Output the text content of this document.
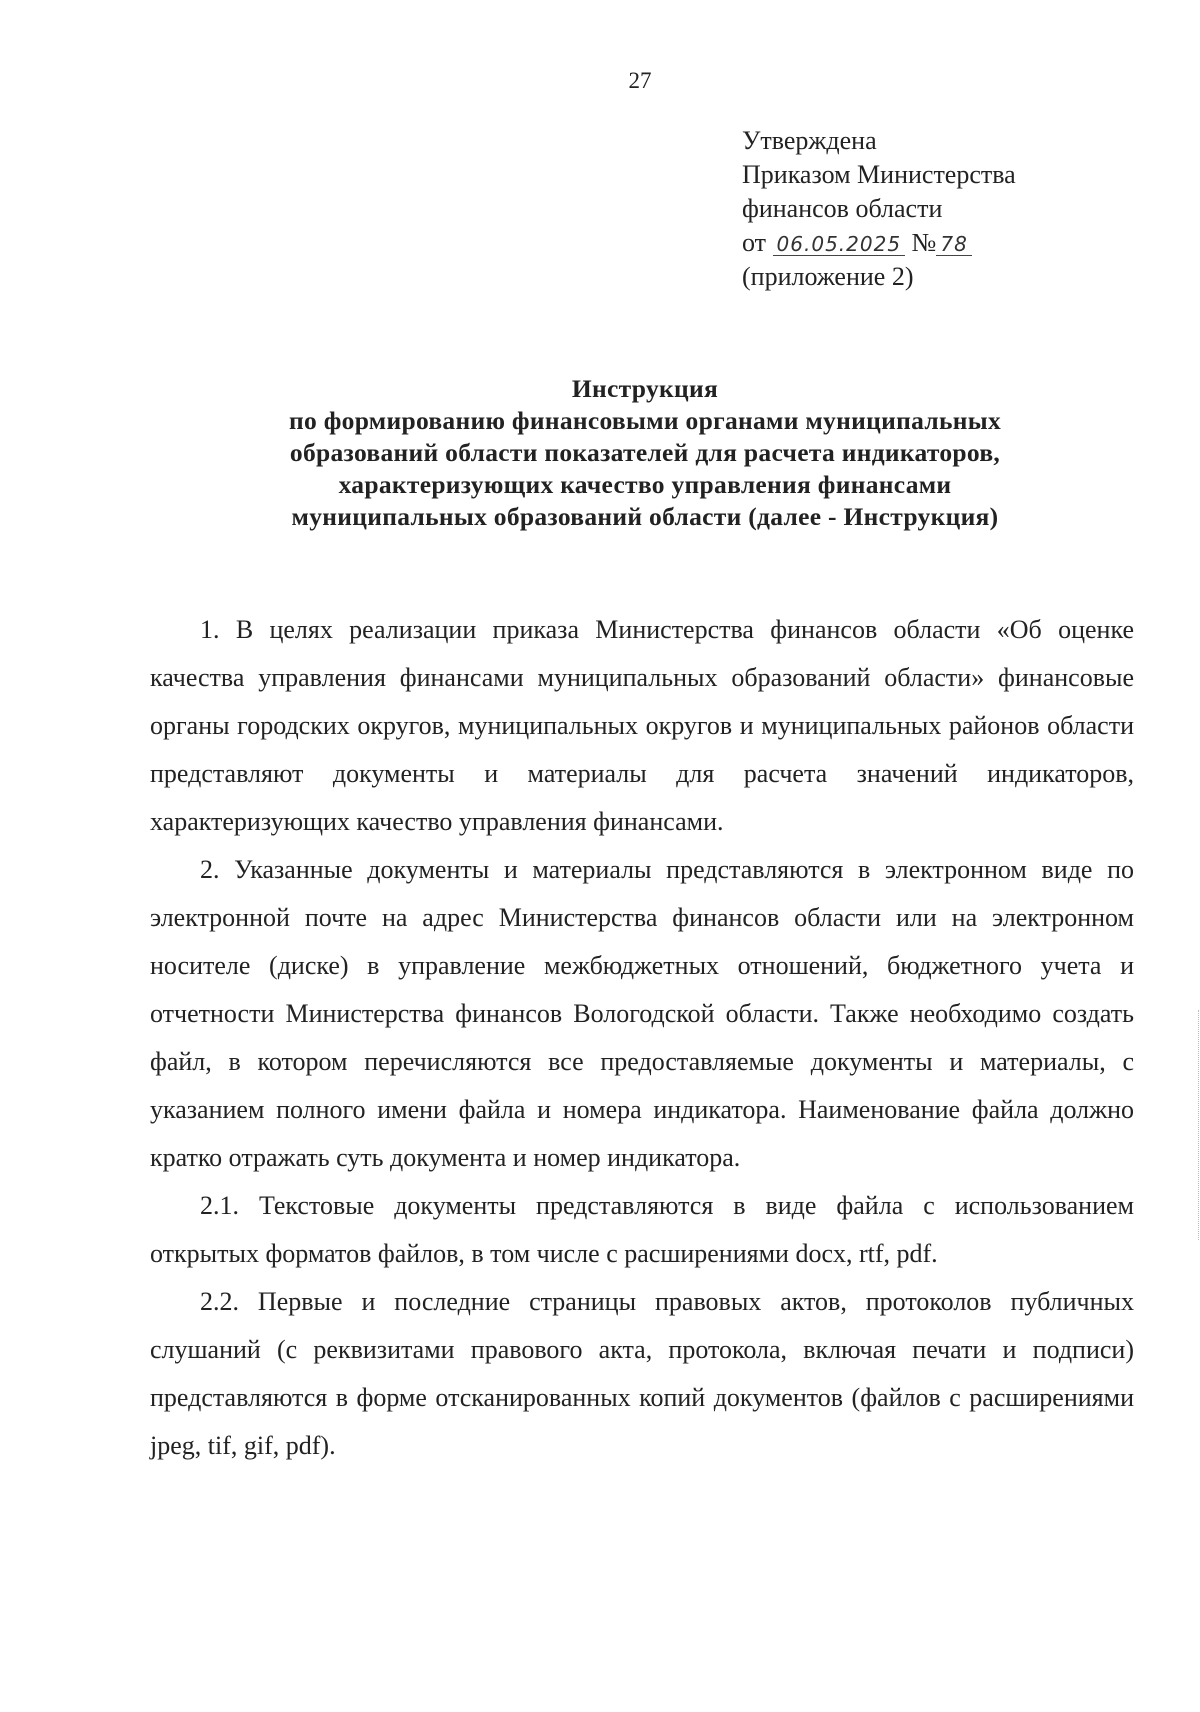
27
Утверждена
Приказом Министерства
финансов области
от 06.05.2025 № 78
(приложение 2)
Инструкция
по формированию финансовыми органами муниципальных
образований области показателей для расчета индикаторов,
характеризующих качество управления финансами
муниципальных образований области (далее - Инструкция)

1. В целях реализации приказа Министерства финансов области «Об оценке качества управления финансами муниципальных образований области» финансовые органы городских округов, муниципальных округов и муниципальных районов области представляют документы и материалы для расчета значений индикаторов, характеризующих качество управления финансами.

2. Указанные документы и материалы представляются в электронном виде по электронной почте на адрес Министерства финансов области или на электронном носителе (диске) в управление межбюджетных отношений, бюджетного учета и отчетности Министерства финансов Вологодской области. Также необходимо создать файл, в котором перечисляются все предоставляемые документы и материалы, с указанием полного имени файла и номера индикатора. Наименование файла должно кратко отражать суть документа и номер индикатора.

2.1. Текстовые документы представляются в виде файла с использованием открытых форматов файлов, в том числе с расширениями docx, rtf, pdf.

2.2. Первые и последние страницы правовых актов, протоколов публичных слушаний (с реквизитами правового акта, протокола, включая печати и подписи) представляются в форме отсканированных копий документов (файлов с расширениями jpeg, tif, gif, pdf).
